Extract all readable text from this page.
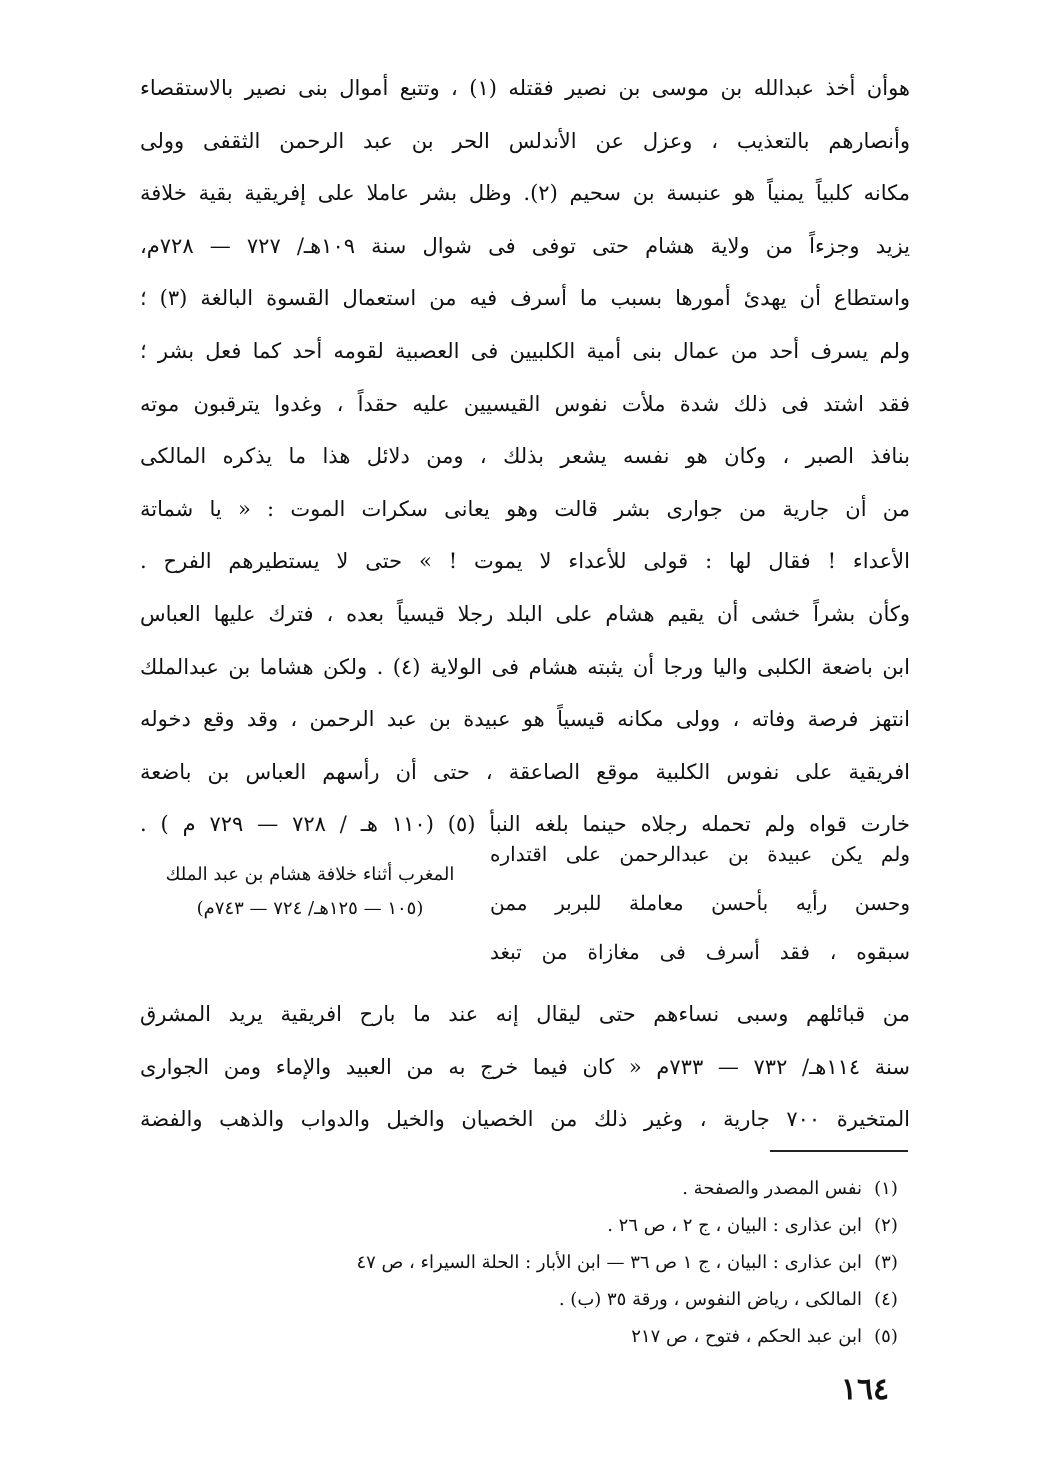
هوأن أخذ عبدالله بن موسى بن نصير فقتله (١) ، وتتبع أموال بنى نصير بالاستقصاء
وأنصارهم بالتعذيب ، وعزل عن الأندلس الحر بن عبد الرحمن الثقفى وولى
مكانه كلبياً يمنياً هو عنبسة بن سحيم (٢). وظل بشر عاملا على إفريقية بقية خلافة
يزيد وجزءاً من ولاية هشام حتى توفى فى شوال سنة ١٠٩هـ/ ٧٢٧ — ٧٢٨م،
واستطاع أن يهدئ أمورها بسبب ما أسرف فيه من استعمال القسوة البالغة (٣) ؛
ولم يسرف أحد من عمال بنى أمية الكلبيين فى العصبية لقومه أحد كما فعل بشر ؛
فقد اشتد فى ذلك شدة ملأت نفوس القيسيين عليه حقداً ، وغدوا يترقبون موته
بنافذ الصبر ، وكان هو نفسه يشعر بذلك ، ومن دلائل هذا ما يذكره المالكى
من أن جارية من جوارى بشر قالت وهو يعانى سكرات الموت : « يا شماتة
الأعداء ! فقال لها : قولى للأعداء لا يموت ! » حتى لا يستطيرهم الفرح .
وكأن بشراً خشى أن يقيم هشام على البلد رجلا قيسياً بعده ، فترك عليها العباس
ابن باضعة الكلبى واليا ورجا أن يثبته هشام فى الولاية (٤) . ولكن هشاما بن عبدالملك
انتهز فرصة وفاته ، وولى مكانه قيسياً هو عبيدة بن عبد الرحمن ، وقد وقع دخوله
افريقية على نفوس الكلبية موقع الصاعقة ، حتى أن رأسهم العباس بن باضعة
خارت قواه ولم تحمله رجلاه حينما بلغه النبأ (٥) (١١٠ هـ / ٧٢٨ — ٧٢٩ م ) .
ولم يكن عبيدة بن عبدالرحمن على اقتداره
وحسن رأيه بأحسن معاملة للبربر ممن
سبقوه ، فقد أسرف فى مغازاة من تبغد
المغرب أثناء خلافة هشام بن عبد الملك
(١٠٥ — ١٢٥هـ/ ٧٢٤ — ٧٤٣م)
من قبائلهم وسبى نساءهم حتى ليقال إنه عند ما بارح افريقية يريد المشرق
سنة ١١٤هـ/ ٧٣٢ — ٧٣٣م « كان فيما خرج به من العبيد والإماء ومن الجوارى
المتخيرة ٧٠٠ جارية ، وغير ذلك من الخصيان والخيل والدواب والذهب والفضة
(١)نفس المصدر والصفحة .
(٢)ابن عذارى : البيان ، ج ٢ ، ص ٢٦ .
(٣)ابن عذارى : البيان ، ج ١ ص ٣٦ — ابن الأبار : الحلة السيراء ، ص ٤٧
(٤)المالكى ، رياض النفوس ، ورقة ٣٥ (ب) .
(٥)ابن عبد الحكم ، فتوح ، ص ٢١٧
١٦٤
